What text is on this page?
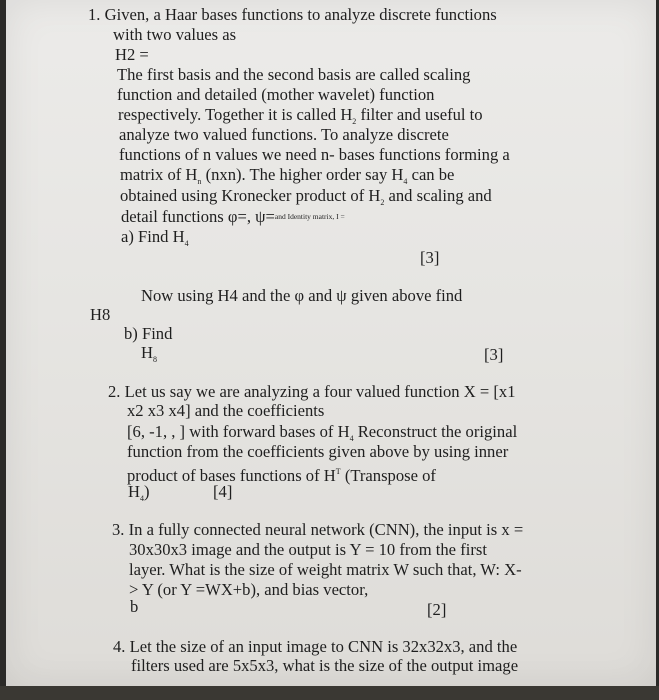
1. Given, a Haar bases functions to analyze discrete functions
with two values as
H2 =
The first basis and the second basis are called scaling
function and detailed (mother wavelet) function
respectively. Together it is called $H_2$ filter and useful to
analyze two valued functions. To analyze discrete
functions of n values we need n- bases functions forming a
matrix of $H_n$ (nxn). The higher order say $H_4$ can be
obtained using Kronecker product of $H_2$ and scaling and
detail functions φ=, ψ=and Identity matrix, I =
a) Find $H_4$
[3]
Now using H4 and the φ and ψ given above find
H8
b) Find
$H_8$	[3]
2. Let us say we are analyzing a four valued function X = [x1
x2 x3 x4] and the coefficients
[6, -1, , ] with forward bases of $H_4$ Reconstruct the original
function from the coefficients given above by using inner
product of bases functions of $H^T$ (Transpose of
$H_4$)	[4]
3. In a fully connected neural network (CNN), the input is x =
30x30x3 image and the output is Y = 10 from the first
layer. What is the size of weight matrix W such that, W: X-
> Y (or Y =WX+b), and bias vector,
b	[2]
4. Let the size of an input image to CNN is 32x32x3, and the
filters used are 5x5x3, what is the size of the output image
